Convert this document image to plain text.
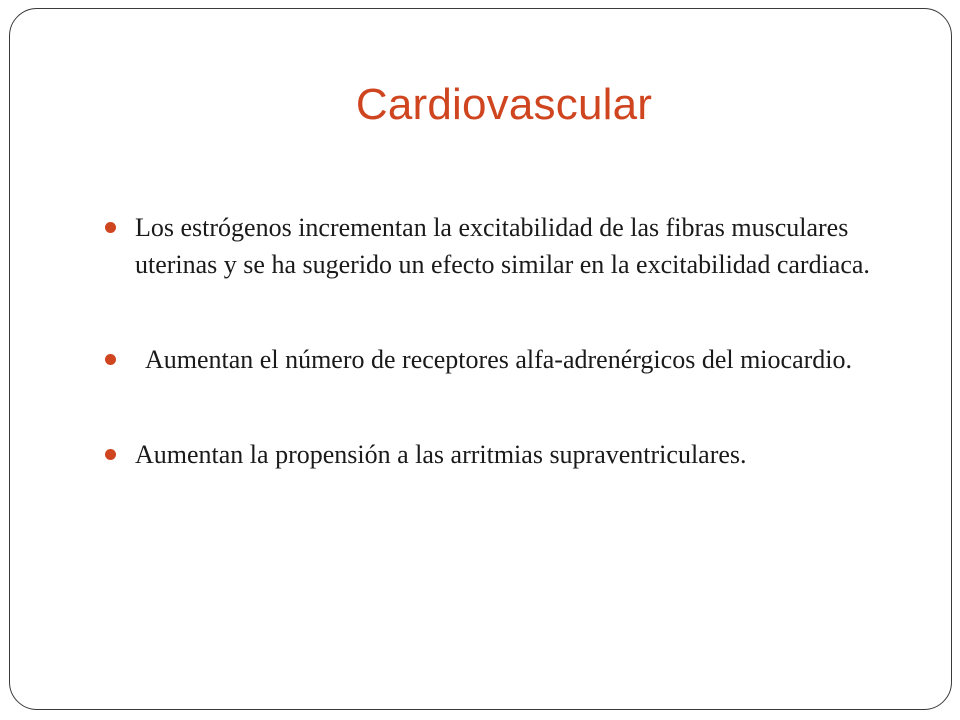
Cardiovascular
Los estrógenos incrementan la excitabilidad de las fibras musculares uterinas y se ha sugerido un efecto similar en la excitabilidad cardiaca.
Aumentan el número de receptores alfa-adrenérgicos del miocardio.
Aumentan la propensión a las arritmias supraventriculares.
